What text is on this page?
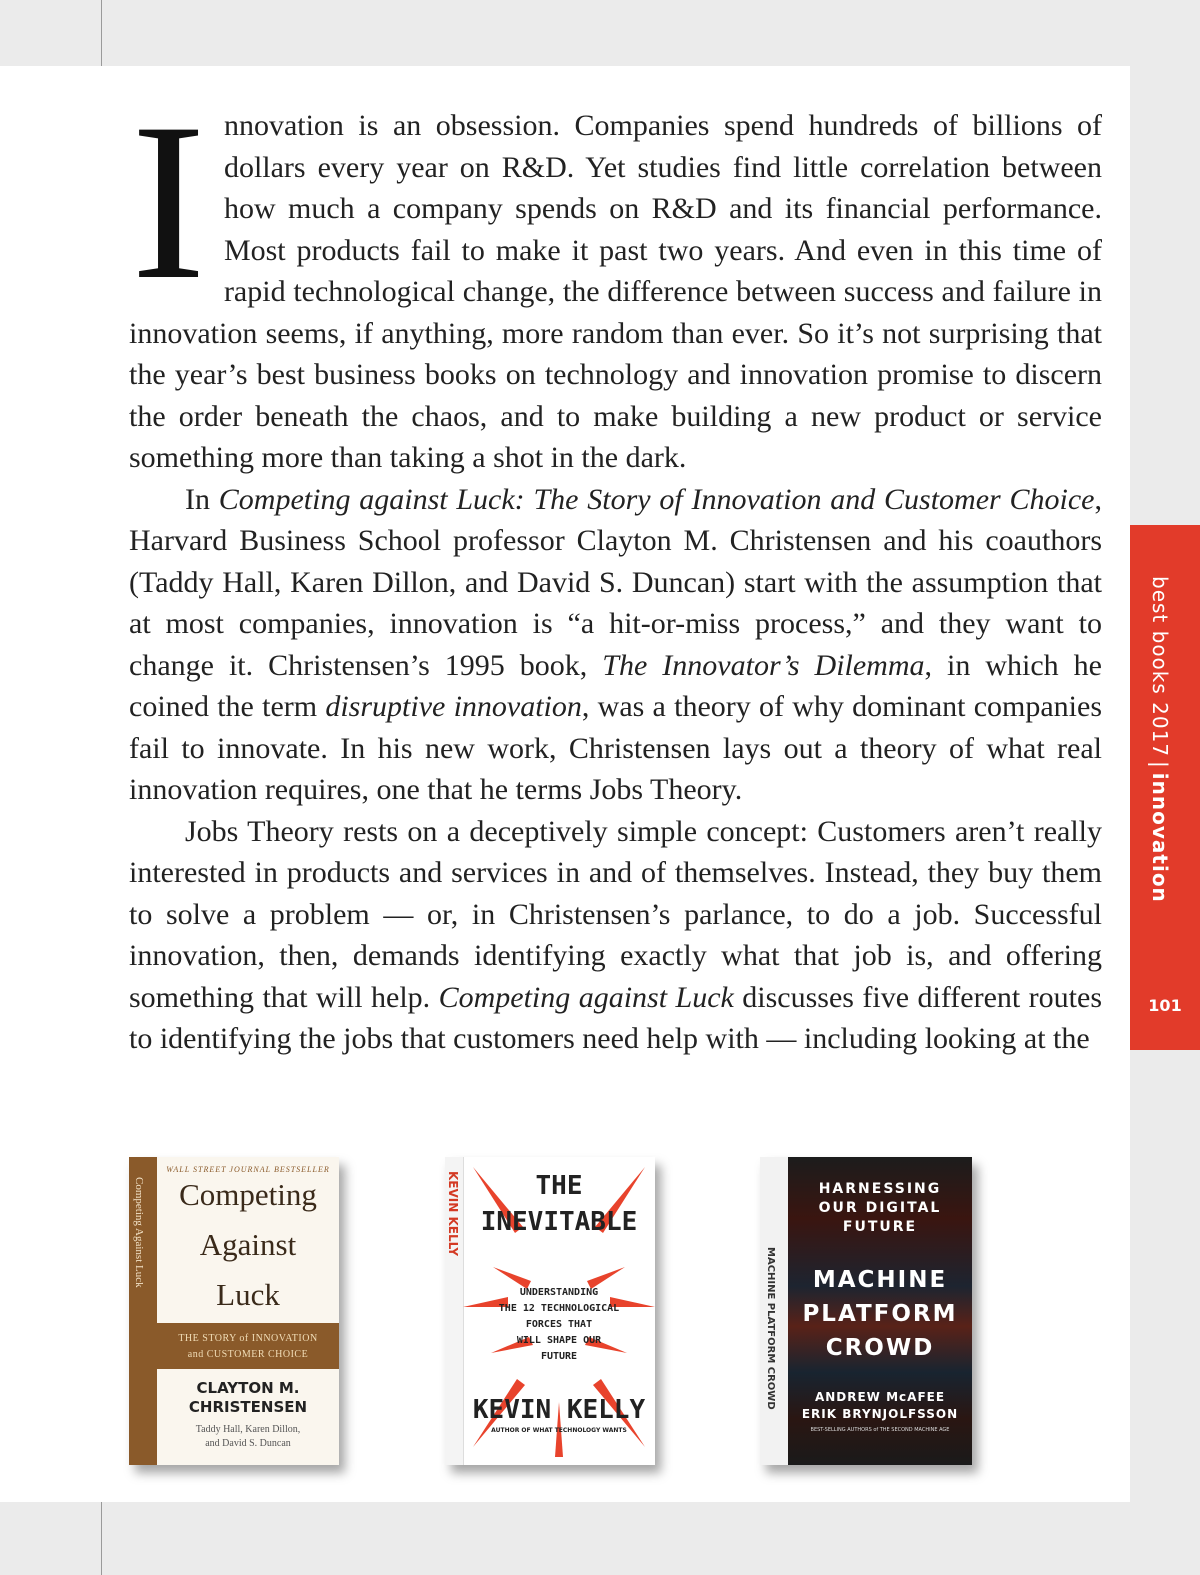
Innovation is an obsession. Companies spend hundreds of billions of dollars every year on R&D. Yet studies find little correlation between how much a company spends on R&D and its financial performance. Most products fail to make it past two years. And even in this time of rapid technological change, the difference between success and failure in innovation seems, if anything, more random than ever. So it’s not surprising that the year’s best business books on technology and innovation promise to discern the order beneath the chaos, and to make building a new product or service something more than taking a shot in the dark.

In Competing against Luck: The Story of Innovation and Customer Choice, Harvard Business School professor Clayton M. Christensen and his coauthors (Taddy Hall, Karen Dillon, and David S. Duncan) start with the assumption that at most companies, innovation is “a hit-or-miss process,” and they want to change it. Christensen’s 1995 book, The Innovator’s Dilemma, in which he coined the term disruptive innovation, was a theory of why dominant companies fail to innovate. In his new work, Christensen lays out a theory of what real innovation requires, one that he terms Jobs Theory.

Jobs Theory rests on a deceptively simple concept: Customers aren’t really interested in products and services in and of themselves. Instead, they buy them to solve a problem — or, in Christensen’s parlance, to do a job. Successful innovation, then, demands identifying exactly what that job is, and offering something that will help. Competing against Luck discusses five different routes to identifying the jobs that customers need help with — including looking at the

best books 2017|innovation
101
Competing Against Luck
WALL STREET JOURNAL BESTSELLER
Competing
Against
Luck
THE STORY of INNOVATION
and CUSTOMER CHOICE
CLAYTON M.
CHRISTENSEN
Taddy Hall, Karen Dillon,
and David S. Duncan
KEVIN KELLY	THE
INEVITABLE
UNDERSTANDING
THE 12 TECHNOLOGICAL
FORCES THAT
WILL SHAPE OUR
FUTURE
KEVIN KELLY
AUTHOR OF WHAT TECHNOLOGY WANTS
MACHINE PLATFORM CROWD
HARNESSING
OUR DIGITAL
FUTURE
MACHINE
PLATFORM
CROWD
ANDREW McAFEE
ERIK BRYNJOLFSSON
BEST-SELLING AUTHORS of THE SECOND MACHINE AGE
